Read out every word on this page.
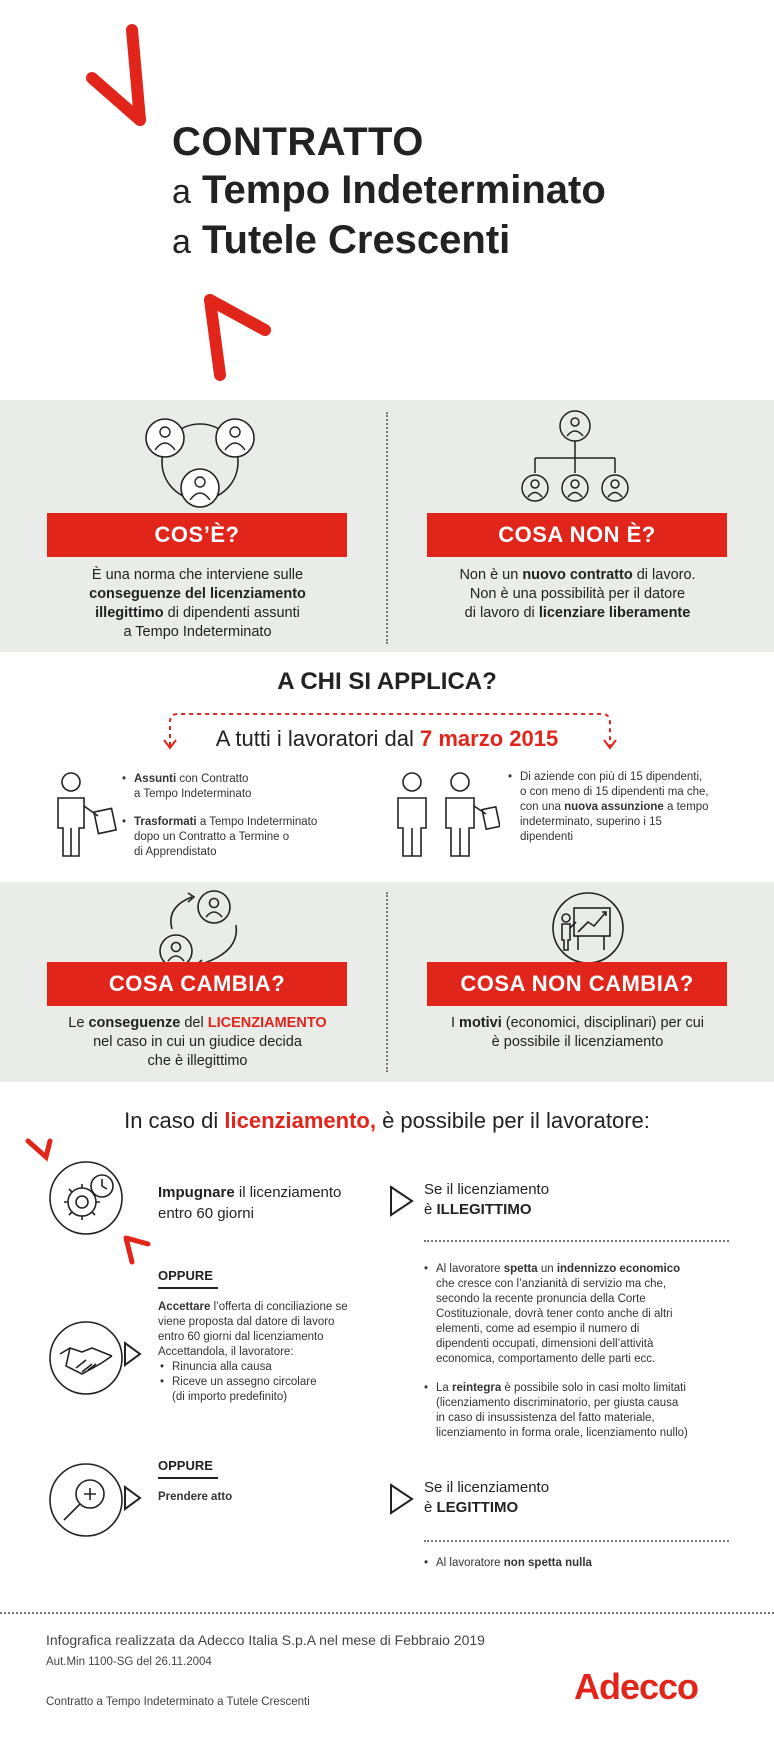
CONTRATTO
a Tempo Indeterminato
a Tutele Crescenti
COS’È?	COSA NON È?
È una norma che interviene sulle
conseguenze del licenziamento
illegittimo di dipendenti assunti
a Tempo Indeterminato
Non è un nuovo contratto di lavoro.
Non è una possibilità per il datore
di lavoro di licenziare liberamente
A CHI SI APPLICA?
A tutti i lavoratori dal 7 marzo 2015
• Assunti con Contratto
a Tempo Indeterminato
• Trasformati a Tempo Indeterminato
dopo un Contratto a Termine o
di Apprendistato
• Di aziende con più di 15 dipendenti,
o con meno di 15 dipendenti ma che,
con una nuova assunzione a tempo
indeterminato, superino i 15
dipendenti
COSA CAMBIA?	COSA NON CAMBIA?
Le conseguenze del LICENZIAMENTO
nel caso in cui un giudice decida
che è illegittimo
I motivi (economici, disciplinari) per cui
è possibile il licenziamento
In caso di licenziamento, è possibile per il lavoratore:
Impugnare il licenziamento
entro 60 giorni
Se il licenziamento
è ILLEGITTIMO
• Al lavoratore spetta un indennizzo economico
che cresce con l’anzianità di servizio ma che,
secondo la recente pronuncia della Corte
Costituzionale, dovrà tener conto anche di altri
elementi, come ad esempio il numero di
dipendenti occupati, dimensioni dell’attività
economica, comportamento delle parti ecc.
• La reintegra è possibile solo in casi molto limitati
(licenziamento discriminatorio, per giusta causa
in caso di insussistenza del fatto materiale,
licenziamento in forma orale, licenziamento nullo)
OPPURE
Accettare l’offerta di conciliazione se
viene proposta dal datore di lavoro
entro 60 giorni dal licenziamento
Accettandola, il lavoratore:
• Rinuncia alla causa
• Riceve un assegno circolare
(di importo predefinito)
OPPURE
Prendere atto
Se il licenziamento
è LEGITTIMO
• Al lavoratore non spetta nulla
Infografica realizzata da Adecco Italia S.p.A nel mese di Febbraio 2019
Aut.Min 1100-SG del 26.11.2004
Contratto a Tempo Indeterminato a Tutele Crescenti	Adecco
